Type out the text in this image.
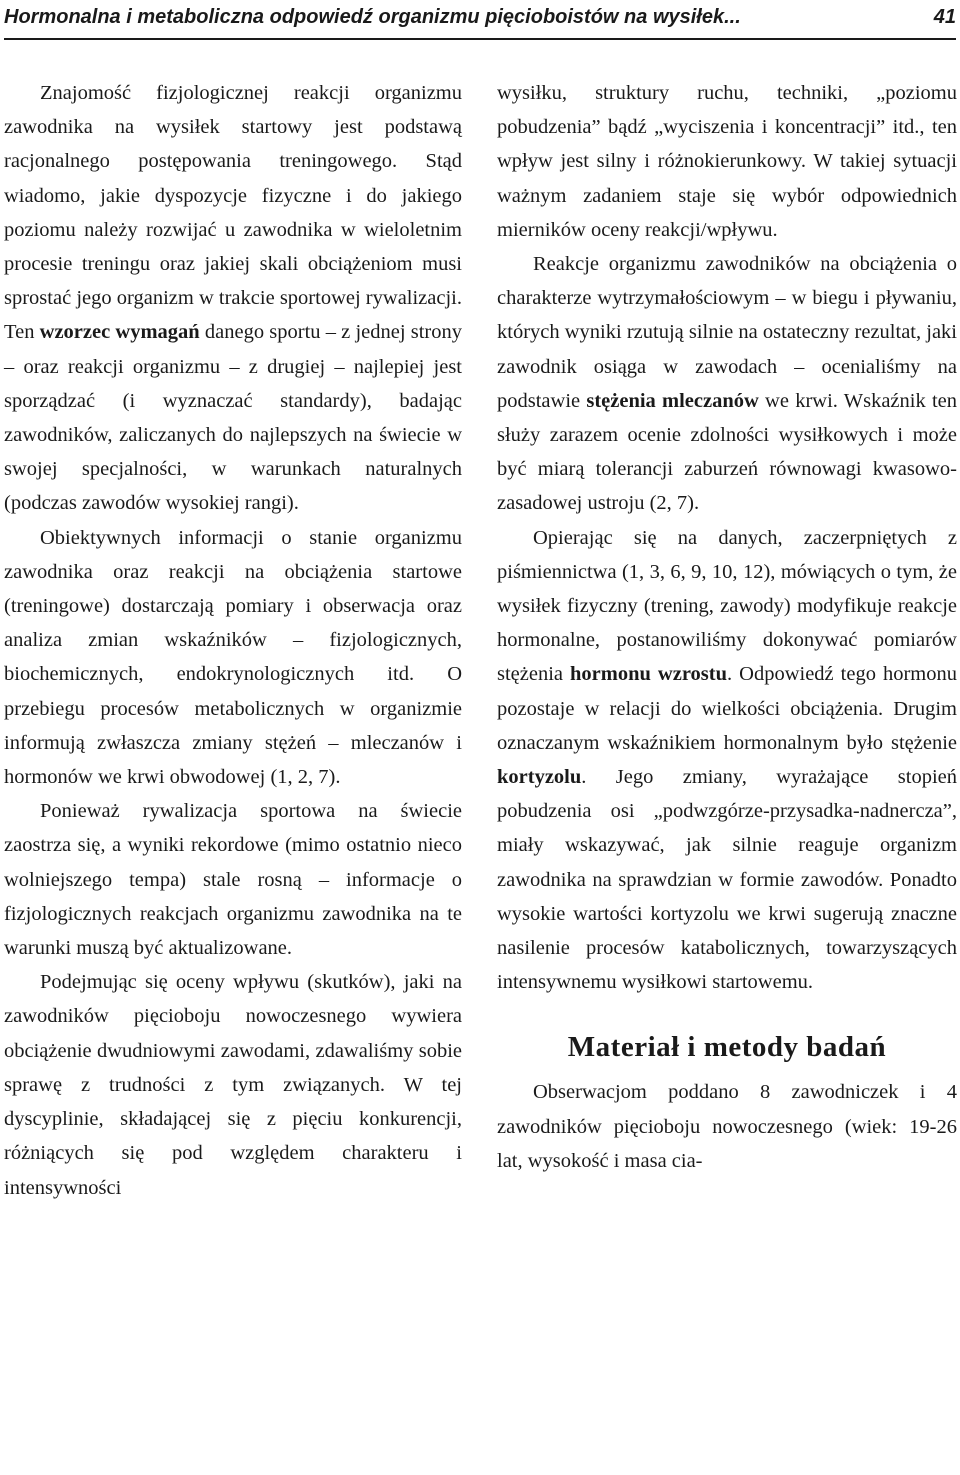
Hormonalna i metaboliczna odpowiedź organizmu pięcioboistów na wysiłek...	41

Znajomość fizjologicznej reakcji organizmu zawodnika na wysiłek startowy jest podstawą racjonalnego postępowania treningowego. Stąd wiadomo, jakie dyspozycje fizyczne i do jakiego poziomu należy rozwijać u zawodnika w wieloletnim procesie treningu oraz jakiej skali obciążeniom musi sprostać jego organizm w trakcie sportowej rywalizacji. Ten wzorzec wymagań danego sportu – z jednej strony – oraz reakcji organizmu – z drugiej – najlepiej jest sporządzać (i wyznaczać standardy), badając zawodników, zaliczanych do najlepszych na świecie w swojej specjalności, w warunkach naturalnych (podczas zawodów wysokiej rangi).

Obiektywnych informacji o stanie organizmu zawodnika oraz reakcji na obciążenia startowe (treningowe) dostarczają pomiary i obserwacja oraz analiza zmian wskaźników – fizjologicznych, biochemicznych, endokrynologicznych itd. O przebiegu procesów metabolicznych w organizmie informują zwłaszcza zmiany stężeń – mleczanów i hormonów we krwi obwodowej (1, 2, 7).

Ponieważ rywalizacja sportowa na świecie zaostrza się, a wyniki rekordowe (mimo ostatnio nieco wolniejszego tempa) stale rosną – informacje o fizjologicznych reakcjach organizmu zawodnika na te warunki muszą być aktualizowane.

Podejmując się oceny wpływu (skutków), jaki na zawodników pięcioboju nowoczesnego wywiera obciążenie dwudniowymi zawodami, zdawaliśmy sobie sprawę z trudności z tym związanych. W tej dyscyplinie, składającej się z pięciu konkurencji, różniących się pod względem charakteru i intensywności

wysiłku, struktury ruchu, techniki, „poziomu pobudzenia” bądź „wyciszenia i koncentracji” itd., ten wpływ jest silny i różnokierunkowy. W takiej sytuacji ważnym zadaniem staje się wybór odpowiednich mierników oceny reakcji/wpływu.

Reakcje organizmu zawodników na obciążenia o charakterze wytrzymałościowym – w biegu i pływaniu, których wyniki rzutują silnie na ostateczny rezultat, jaki zawodnik osiąga w zawodach – ocenialiśmy na podstawie stężenia mleczanów we krwi. Wskaźnik ten służy zarazem ocenie zdolności wysiłkowych i może być miarą tolerancji zaburzeń równowagi kwasowo-zasadowej ustroju (2, 7).

Opierając się na danych, zaczerpniętych z piśmiennictwa (1, 3, 6, 9, 10, 12), mówiących o tym, że wysiłek fizyczny (trening, zawody) modyfikuje reakcje hormonalne, postanowiliśmy dokonywać pomiarów stężenia hormonu wzrostu. Odpowiedź tego hormonu pozostaje w relacji do wielkości obciążenia. Drugim oznaczanym wskaźnikiem hormonalnym było stężenie kortyzolu. Jego zmiany, wyrażające stopień pobudzenia osi „podwzgórze-przysadka-nadnercza”, miały wskazywać, jak silnie reaguje organizm zawodnika na sprawdzian w formie zawodów. Ponadto wysokie wartości kortyzolu we krwi sugerują znaczne nasilenie procesów katabolicznych, towarzyszących intensywnemu wysiłkowi startowemu.

Materiał i metody badań

Obserwacjom poddano 8 zawodniczek i 4 zawodników pięcioboju nowoczesnego (wiek: 19-26 lat, wysokość i masa cia-
